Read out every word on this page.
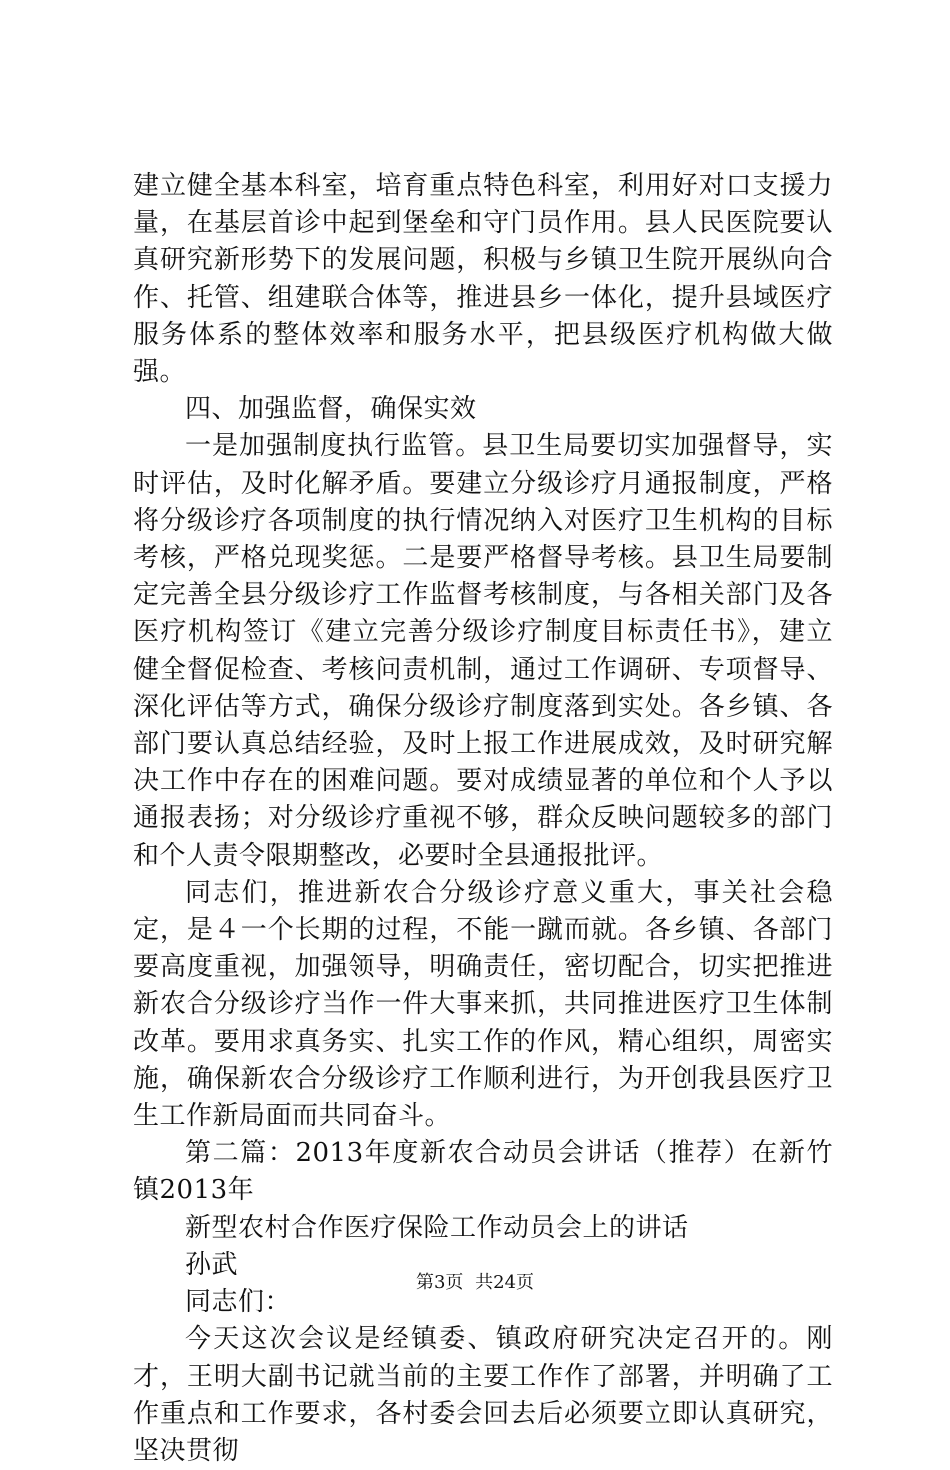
建立健全基本科室，培育重点特色科室，利用好对口支援力量，在基层首诊中起到堡垒和守门员作用。县人民医院要认真研究新形势下的发展问题，积极与乡镇卫生院开展纵向合作、托管、组建联合体等，推进县乡一体化，提升县域医疗服务体系的整体效率和服务水平，把县级医疗机构做大做强。

四、加强监督，确保实效

一是加强制度执行监管。县卫生局要切实加强督导，实时评估，及时化解矛盾。要建立分级诊疗月通报制度，严格将分级诊疗各项制度的执行情况纳入对医疗卫生机构的目标考核，严格兑现奖惩。二是要严格督导考核。县卫生局要制定完善全县分级诊疗工作监督考核制度，与各相关部门及各医疗机构签订《建立完善分级诊疗制度目标责任书》，建立健全督促检查、考核问责机制，通过工作调研、专项督导、深化评估等方式，确保分级诊疗制度落到实处。各乡镇、各部门要认真总结经验，及时上报工作进展成效，及时研究解决工作中存在的困难问题。要对成绩显著的单位和个人予以通报表扬；对分级诊疗重视不够，群众反映问题较多的部门和个人责令限期整改，必要时全县通报批评。

同志们，推进新农合分级诊疗意义重大，事关社会稳定，是４一个长期的过程，不能一蹴而就。各乡镇、各部门要高度重视，加强领导，明确责任，密切配合，切实把推进新农合分级诊疗当作一件大事来抓，共同推进医疗卫生体制改革。要用求真务实、扎实工作的作风，精心组织，周密实施，确保新农合分级诊疗工作顺利进行，为开创我县医疗卫生工作新局面而共同奋斗。

第二篇：2013年度新农合动员会讲话（推荐）在新竹镇2013年

新型农村合作医疗保险工作动员会上的讲话

孙武

同志们：

今天这次会议是经镇委、镇政府研究决定召开的。刚才，王明大副书记就当前的主要工作作了部署，并明确了工作重点和工作要求，各村委会回去后必须要立即认真研究，坚决贯彻

第3页 共24页
